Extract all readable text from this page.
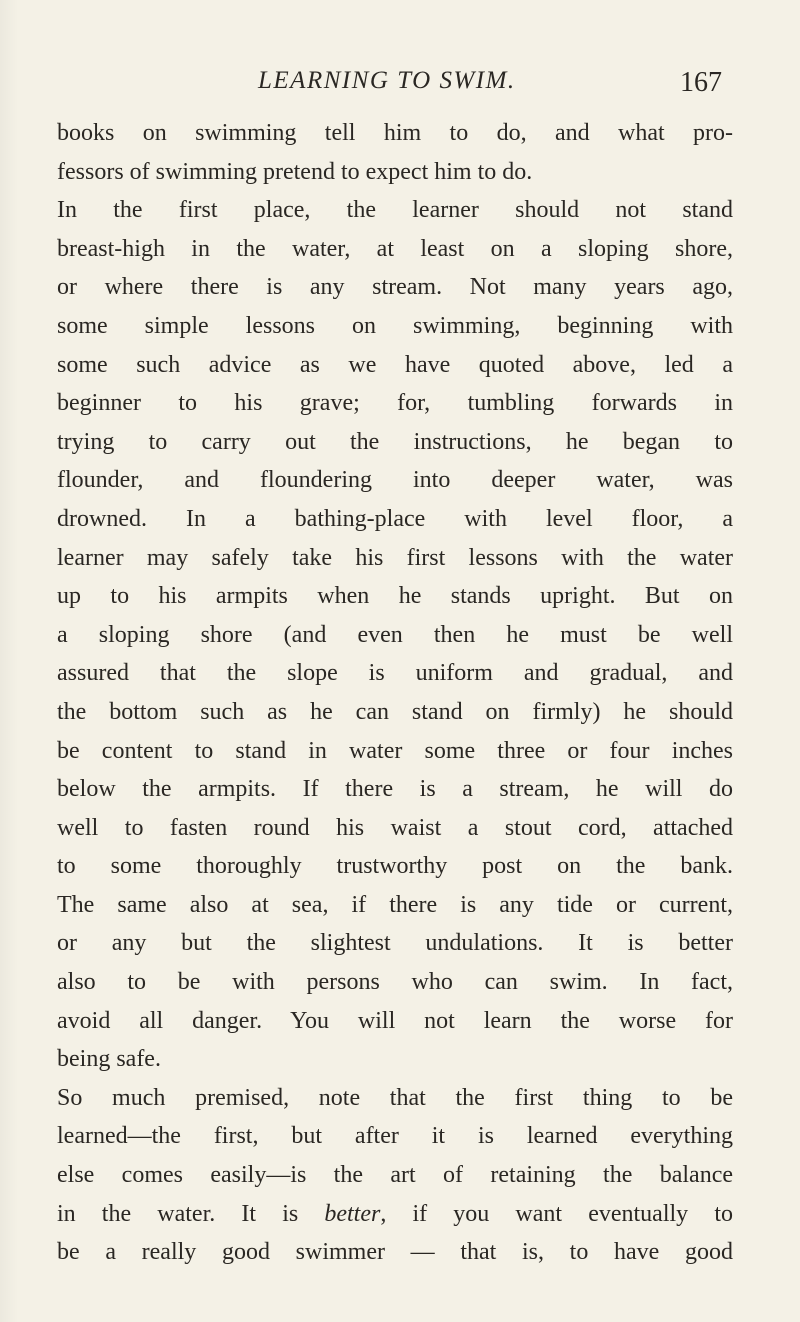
LEARNING TO SWIM.	167
books on swimming tell him to do, and what pro-
fessors of swimming pretend to expect him to do.
In the first place, the learner should not stand
breast-high in the water, at least on a sloping shore,
or where there is any stream. Not many years ago,
some simple lessons on swimming, beginning with
some such advice as we have quoted above, led a
beginner to his grave; for, tumbling forwards in
trying to carry out the instructions, he began to
flounder, and floundering into deeper water, was
drowned. In a bathing-place with level floor, a
learner may safely take his first lessons with the water
up to his armpits when he stands upright. But on
a sloping shore (and even then he must be well
assured that the slope is uniform and gradual, and
the bottom such as he can stand on firmly) he should
be content to stand in water some three or four inches
below the armpits. If there is a stream, he will do
well to fasten round his waist a stout cord, attached
to some thoroughly trustworthy post on the bank.
The same also at sea, if there is any tide or current,
or any but the slightest undulations. It is better
also to be with persons who can swim. In fact,
avoid all danger. You will not learn the worse for
being safe.
So much premised, note that the first thing to be
learned—the first, but after it is learned everything
else comes easily—is the art of retaining the balance
in the water. It is better, if you want eventually to
be a really good swimmer — that is, to have good
